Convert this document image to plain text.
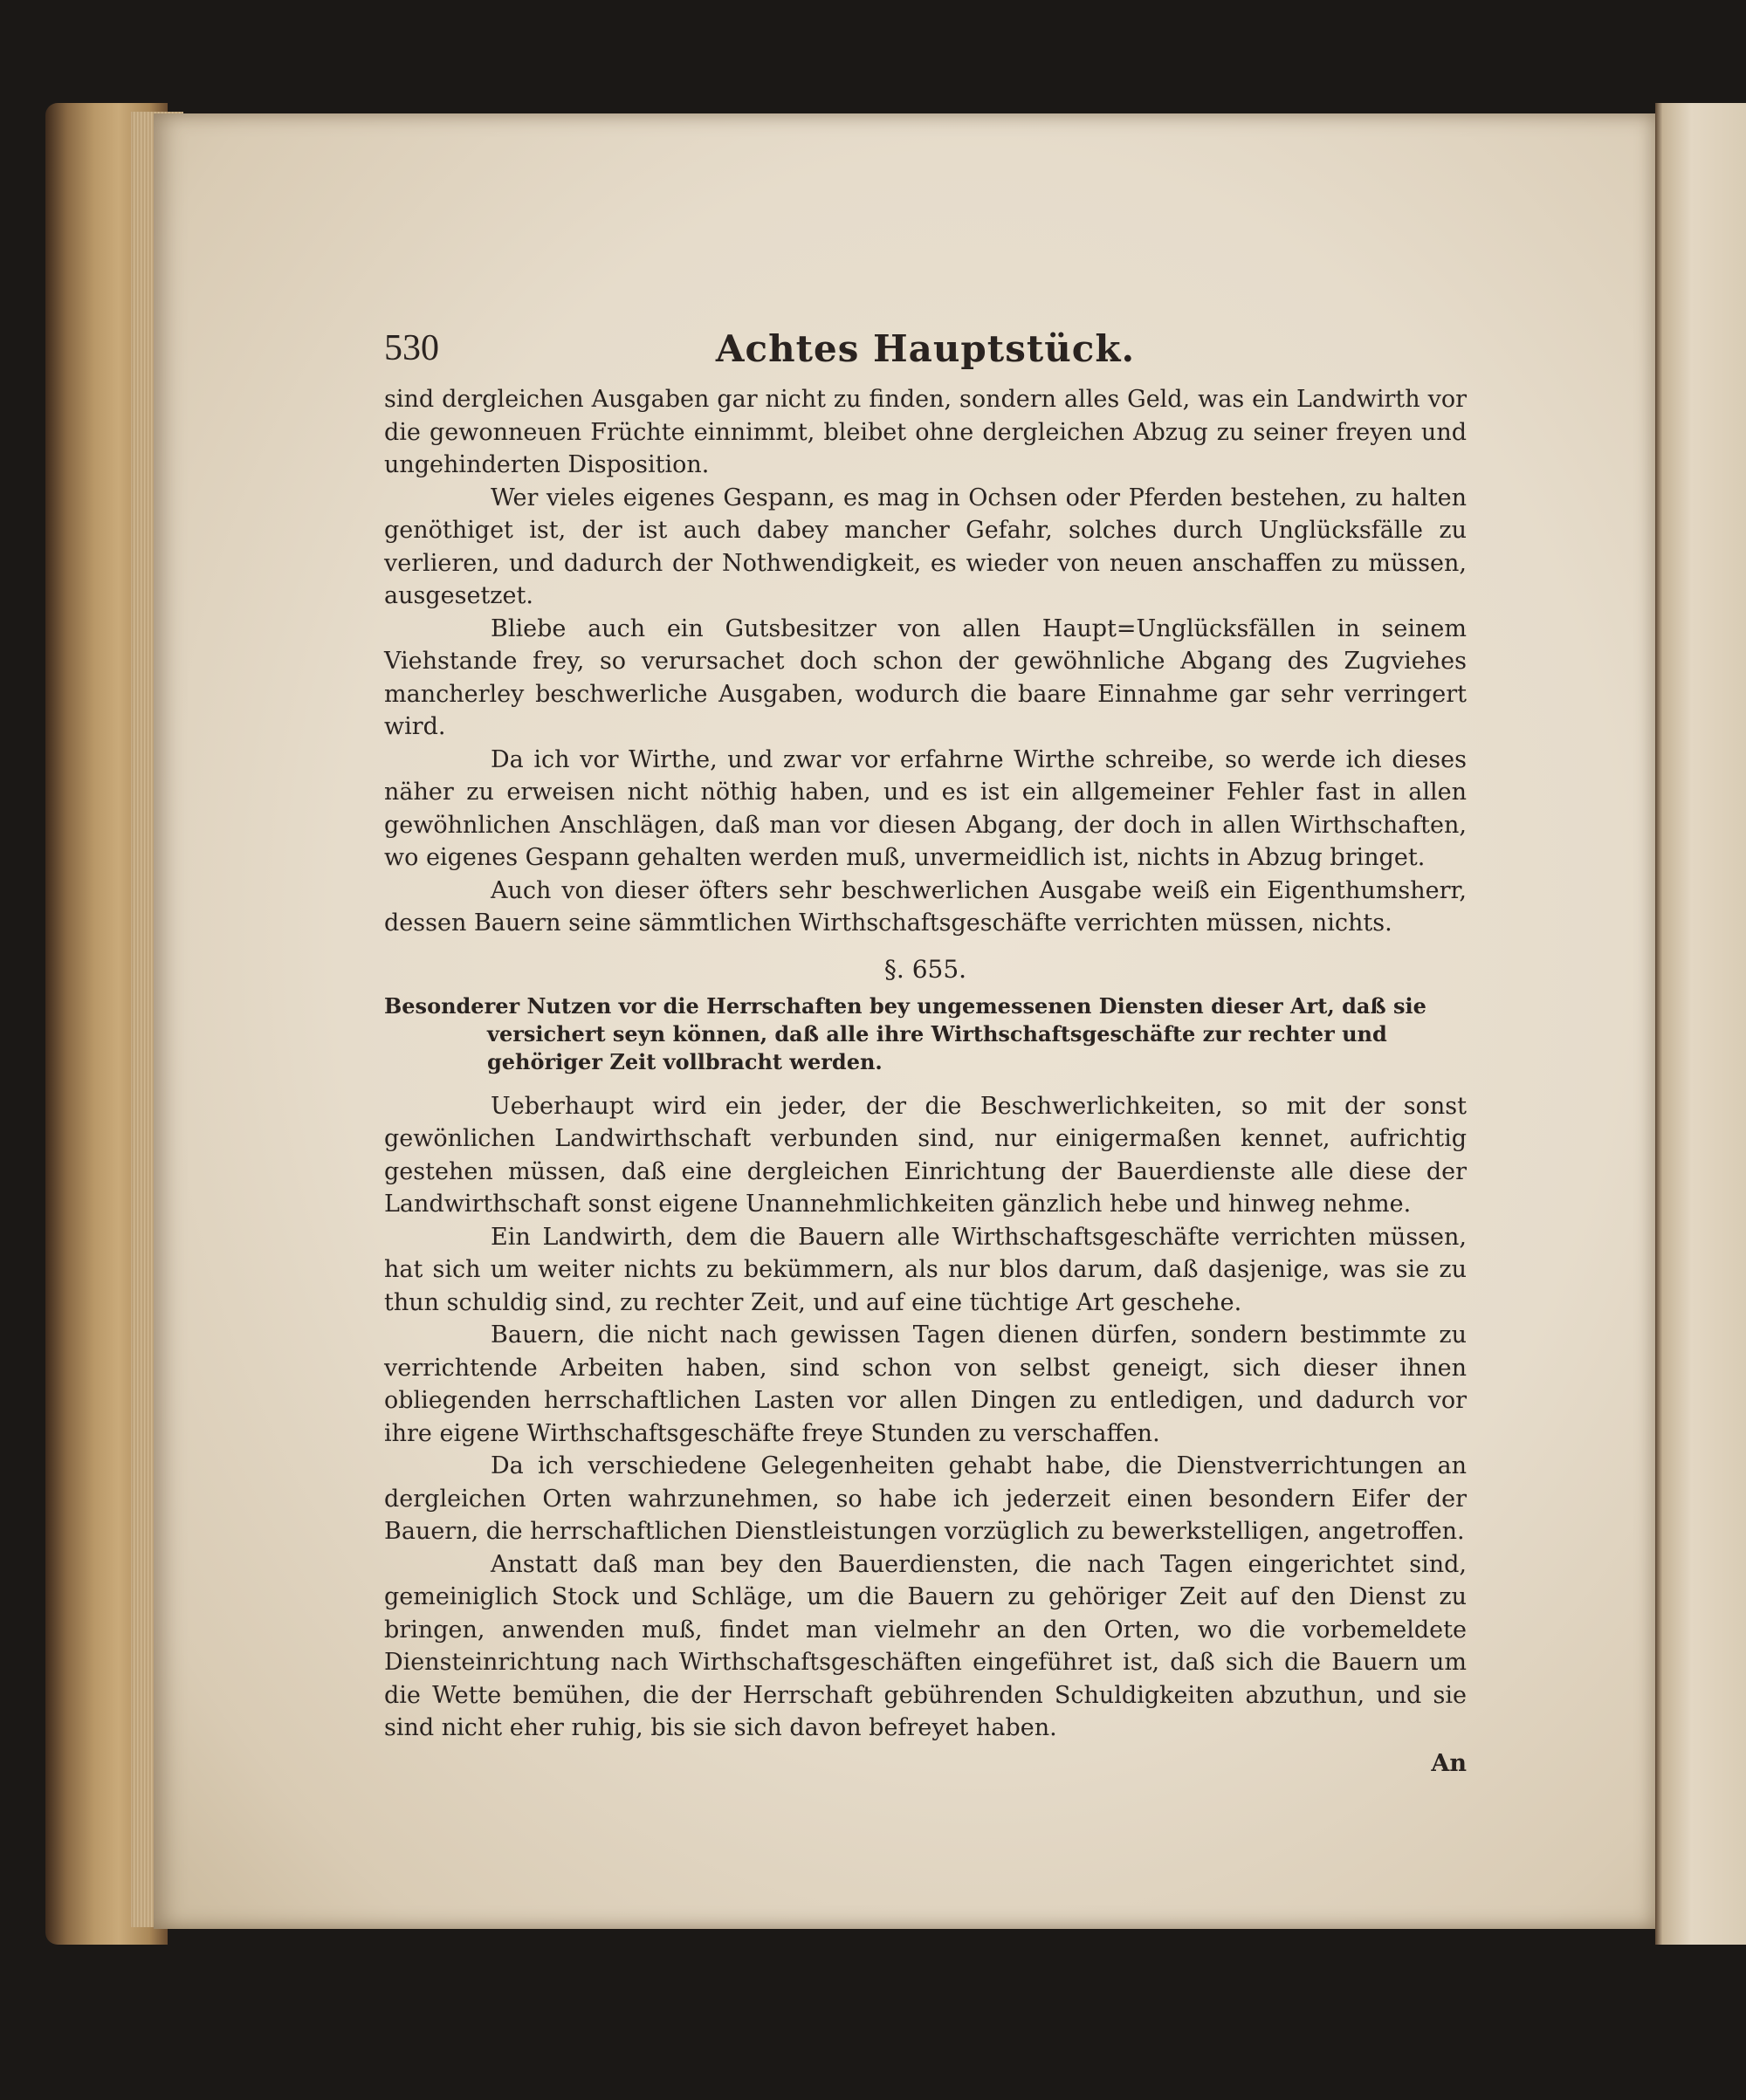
530	Achtes Hauptstück.

sind dergleichen Ausgaben gar nicht zu finden, sondern alles Geld, was ein Landwirth vor die gewonneuen Früchte einnimmt, bleibet ohne dergleichen Abzug zu seiner freyen und ungehinderten Disposition.

Wer vieles eigenes Gespann, es mag in Ochsen oder Pferden bestehen, zu halten genöthiget ist, der ist auch dabey mancher Gefahr, solches durch Unglücksfälle zu verlieren, und dadurch der Nothwendigkeit, es wieder von neuen anschaffen zu müssen, ausgesetzet.

Bliebe auch ein Gutsbesitzer von allen Haupt=Unglücksfällen in seinem Viehstande frey, so verursachet doch schon der gewöhnliche Abgang des Zugviehes mancherley beschwerliche Ausgaben, wodurch die baare Einnahme gar sehr verringert wird.

Da ich vor Wirthe, und zwar vor erfahrne Wirthe schreibe, so werde ich dieses näher zu erweisen nicht nöthig haben, und es ist ein allgemeiner Fehler fast in allen gewöhnlichen Anschlägen, daß man vor diesen Abgang, der doch in allen Wirthschaften, wo eigenes Gespann gehalten werden muß, unvermeidlich ist, nichts in Abzug bringet.

Auch von dieser öfters sehr beschwerlichen Ausgabe weiß ein Eigenthumsherr, dessen Bauern seine sämmtlichen Wirthschaftsgeschäfte verrichten müssen, nichts.

§. 655.

Besonderer Nutzen vor die Herrschaften bey ungemessenen Diensten dieser Art, daß sie versichert seyn können, daß alle ihre Wirthschaftsgeschäfte zur rechter und gehöriger Zeit vollbracht werden.

Ueberhaupt wird ein jeder, der die Beschwerlichkeiten, so mit der sonst gewönlichen Landwirthschaft verbunden sind, nur einigermaßen kennet, aufrichtig gestehen müssen, daß eine dergleichen Einrichtung der Bauerdienste alle diese der Landwirthschaft sonst eigene Unannehmlichkeiten gänzlich hebe und hinweg nehme.

Ein Landwirth, dem die Bauern alle Wirthschaftsgeschäfte verrichten müssen, hat sich um weiter nichts zu bekümmern, als nur blos darum, daß dasjenige, was sie zu thun schuldig sind, zu rechter Zeit, und auf eine tüchtige Art geschehe.

Bauern, die nicht nach gewissen Tagen dienen dürfen, sondern bestimmte zu verrichtende Arbeiten haben, sind schon von selbst geneigt, sich dieser ihnen obliegenden herrschaftlichen Lasten vor allen Dingen zu entledigen, und dadurch vor ihre eigene Wirthschaftsgeschäfte freye Stunden zu verschaffen.

Da ich verschiedene Gelegenheiten gehabt habe, die Dienstverrichtungen an dergleichen Orten wahrzunehmen, so habe ich jederzeit einen besondern Eifer der Bauern, die herrschaftlichen Dienstleistungen vorzüglich zu bewerkstelligen, angetroffen.

Anstatt daß man bey den Bauerdiensten, die nach Tagen eingerichtet sind, gemeiniglich Stock und Schläge, um die Bauern zu gehöriger Zeit auf den Dienst zu bringen, anwenden muß, findet man vielmehr an den Orten, wo die vorbemeldete Diensteinrichtung nach Wirthschaftsgeschäften eingeführet ist, daß sich die Bauern um die Wette bemühen, die der Herrschaft gebührenden Schuldigkeiten abzuthun, und sie sind nicht eher ruhig, bis sie sich davon befreyet haben.

An
